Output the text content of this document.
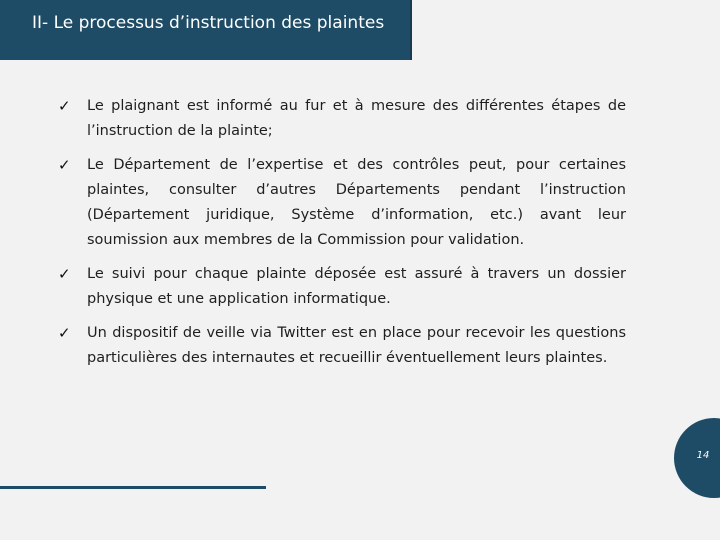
II- Le processus d’instruction des plaintes
✓ Le plaignant est informé au fur et à mesure des différentes étapes de l’instruction de la plainte;
✓ Le Département de l’expertise et des contrôles peut, pour certaines plaintes, consulter d’autres Départements pendant l’instruction (Département juridique, Système d’information, etc.) avant leur soumission aux membres de la Commission pour validation.
✓ Le suivi pour chaque plainte déposée est assuré à travers un dossier physique et une application informatique.
✓ Un dispositif de veille via Twitter est en place pour recevoir les questions particulières des internautes et recueillir éventuellement leurs plaintes.
14
